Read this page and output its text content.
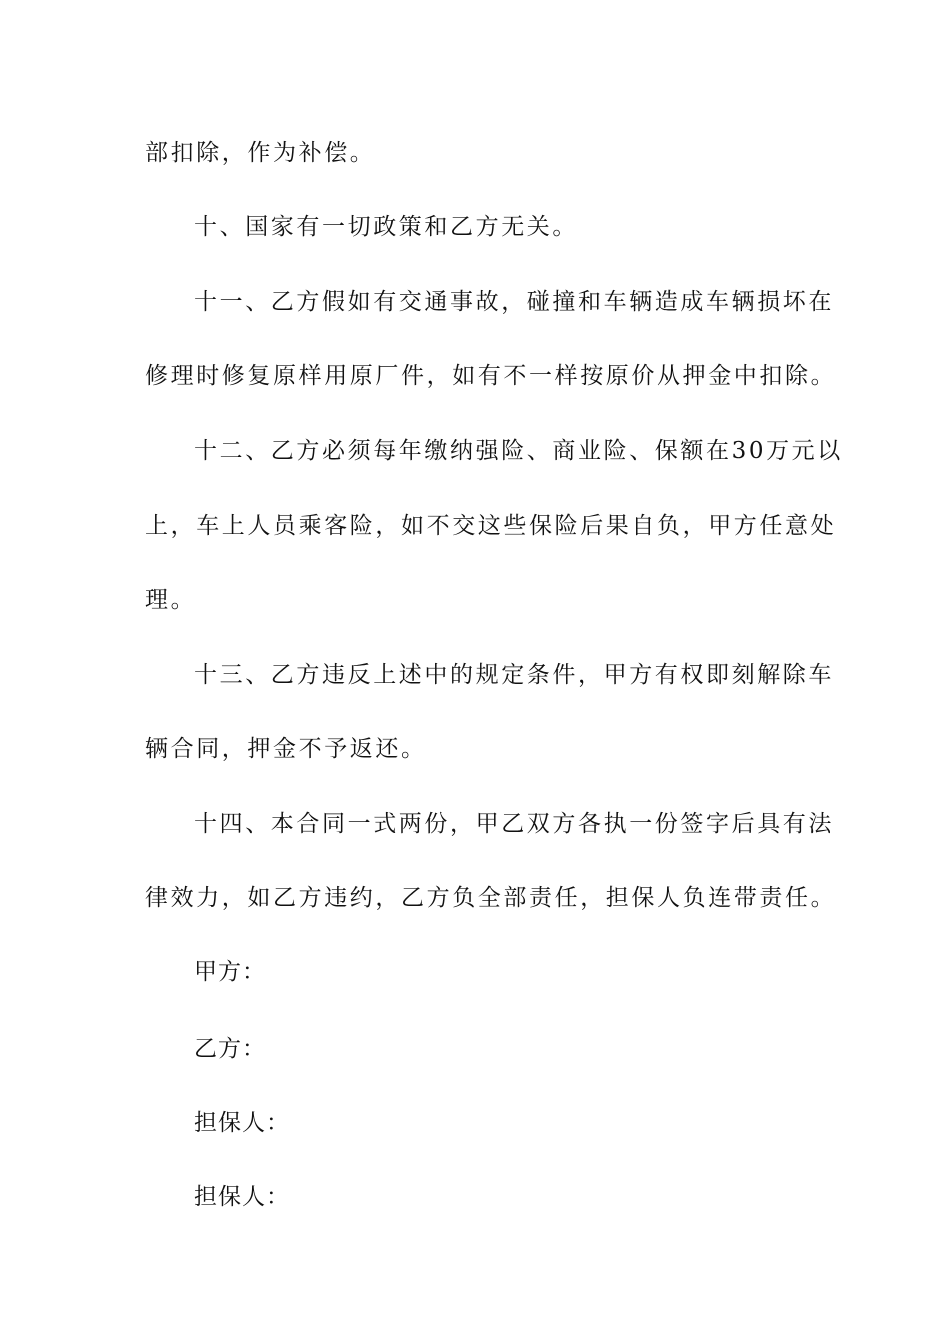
部扣除，作为补偿。
十、国家有一切政策和乙方无关。
十一、乙方假如有交通事故，碰撞和车辆造成车辆损坏在
修理时修复原样用原厂件，如有不一样按原价从押金中扣除。
十二、乙方必须每年缴纳强险、商业险、保额在30万元以
上，车上人员乘客险，如不交这些保险后果自负，甲方任意处
理。
十三、乙方违反上述中的规定条件，甲方有权即刻解除车
辆合同，押金不予返还。
十四、本合同一式两份，甲乙双方各执一份签字后具有法
律效力，如乙方违约，乙方负全部责任，担保人负连带责任。
甲方：
乙方：
担保人：
担保人：
